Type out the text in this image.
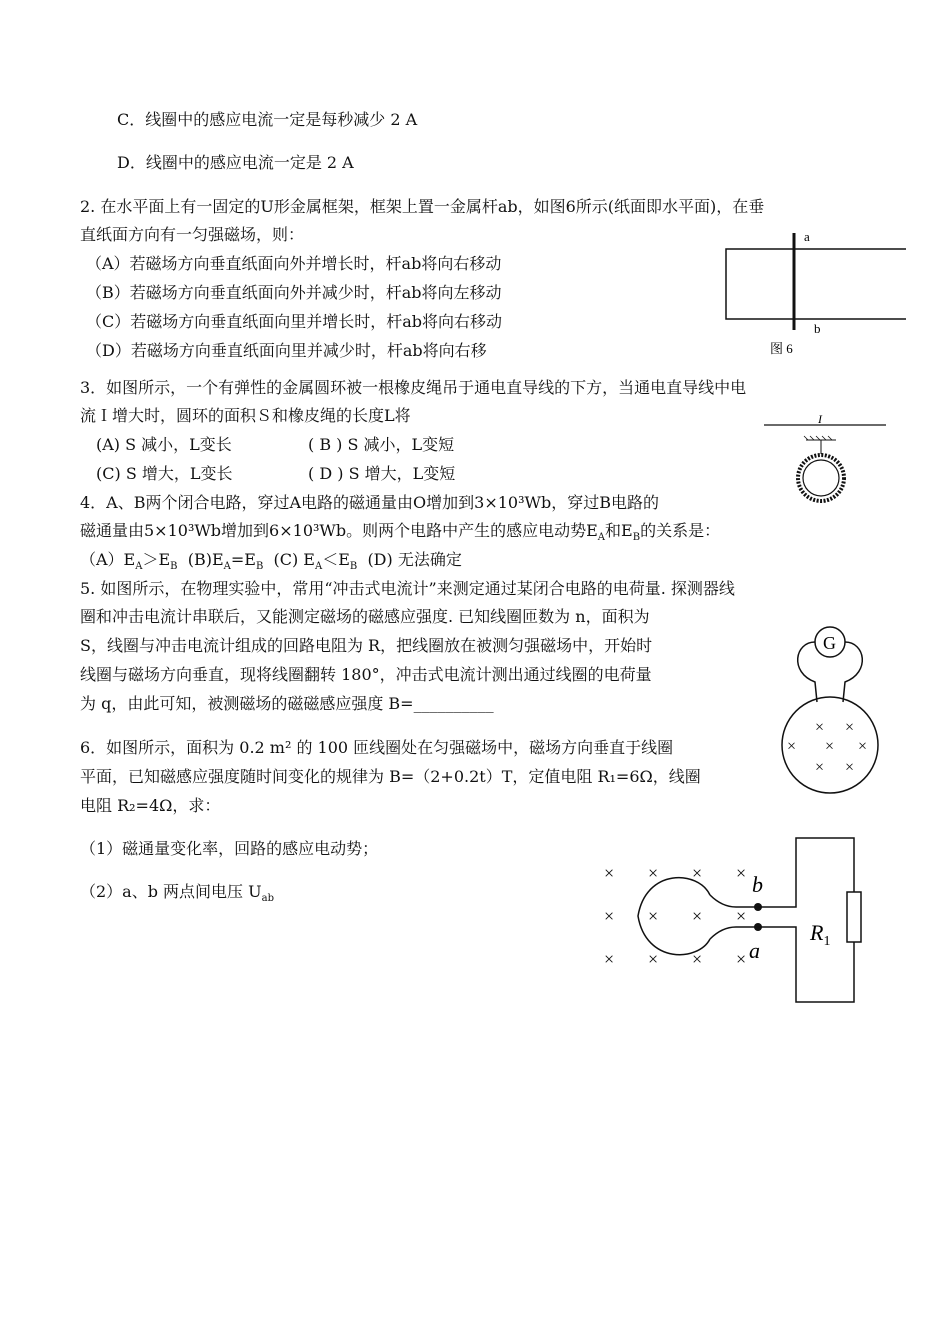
C．线圈中的感应电流一定是每秒减少 2 A
D．线圈中的感应电流一定是 2 A
2. 在水平面上有一固定的U形金属框架，框架上置一金属杆ab，如图6所示(纸面即水平面)，在垂
直纸面方向有一匀强磁场，则：
（A）若磁场方向垂直纸面向外并增长时，杆ab将向右移动
（B）若磁场方向垂直纸面向外并减少时，杆ab将向左移动
（C）若磁场方向垂直纸面向里并增长时，杆ab将向右移动
（D）若磁场方向垂直纸面向里并减少时，杆ab将向右移
a
b
图 6
3．如图所示，一个有弹性的金属圆环被一根橡皮绳吊于通电直导线的下方，当通电直导线中电
流Ｉ增大时，圆环的面积Ｓ和橡皮绳的长度L将
(A) S 减小，L变长	( B ) S 减小，L变短
(C) S 增大，L变长	( D ) S 增大，L变短
I
4．A、B两个闭合电路，穿过A电路的磁通量由O增加到3×10³Wb，穿过B电路的
磁通量由5×10³Wb增加到6×10³Wb。则两个电路中产生的感应电动势$E_A$和$E_B$的关系是：
$(A)E_A>E_B$  $(B)E_A=E_B$  (C) $E_A<E_B$  (D) 无法确定
5. 如图所示，在物理实验中，常用“冲击式电流计”来测定通过某闭合电路的电荷量. 探测器线
圈和冲击电流计串联后，又能测定磁场的磁感应强度. 已知线圈匝数为 n，面积为
S，线圈与冲击电流计组成的回路电阻为 R，把线圈放在被测匀强磁场中，开始时
线圈与磁场方向垂直，现将线圈翻转 180°，冲击式电流计测出通过线圈的电荷量
为 q，由此可知，被测磁场的磁磁感应强度 B=__________
G
× ×
× × ×
× ×
6．如图所示，面积为 0.2 m² 的 100 匝线圈处在匀强磁场中，磁场方向垂直于线圈
平面，已知磁感应强度随时间变化的规律为 B=（2+0.2t）T，定值电阻 R₁=6Ω，线圈
电阻 R₂=4Ω，求：
（1）磁通量变化率，回路的感应电动势；
（2）a、b 两点间电压 $U_{ab}$
× × × ×
× × × ×
× × × ×
b
a
$R_1$
